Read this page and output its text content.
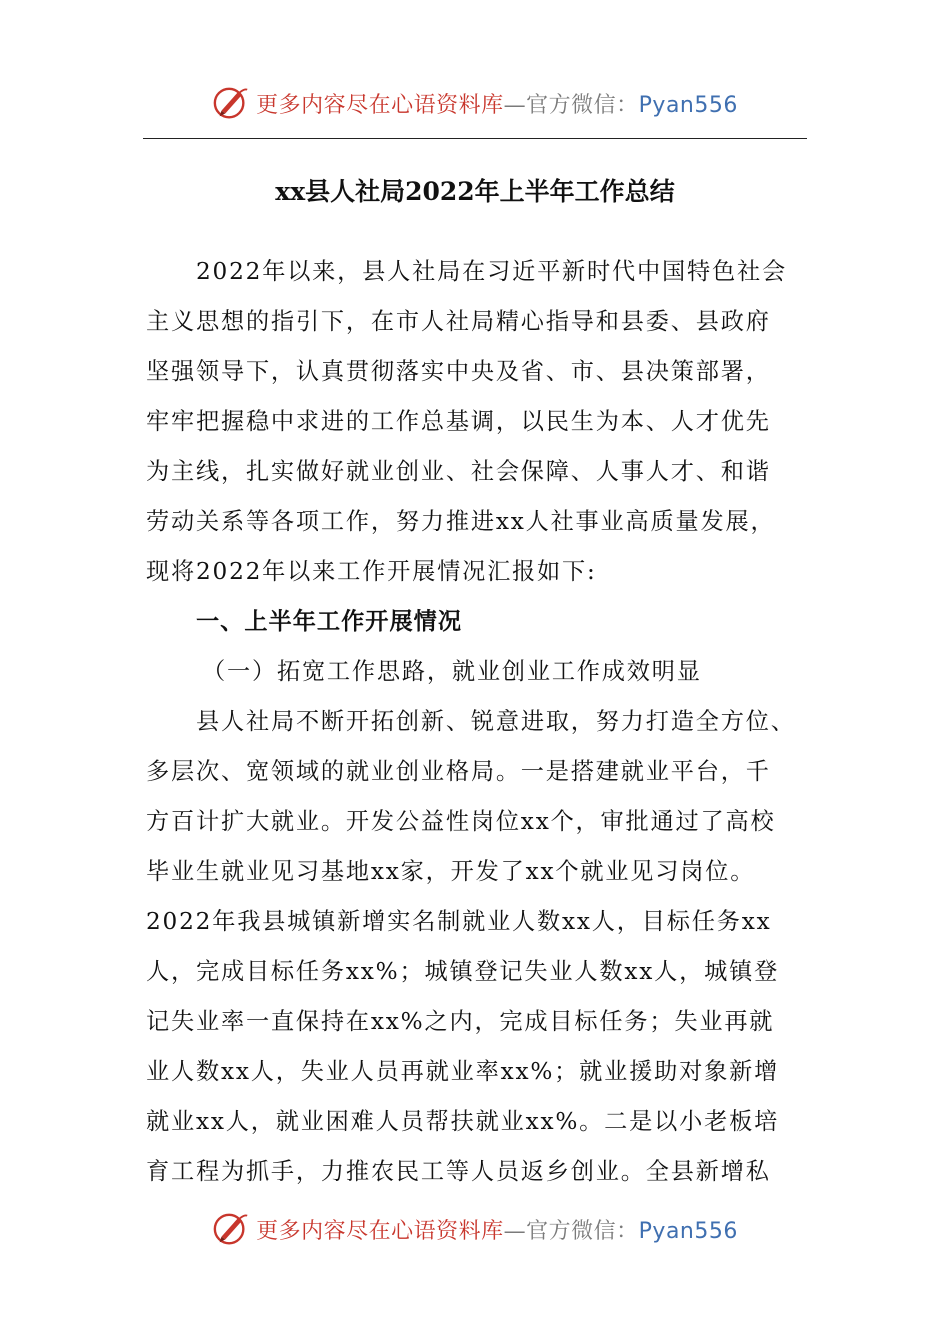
更多内容尽在心语资料库—官方微信：Pyan556
xx县人社局2022年上半年工作总结

2022年以来，县人社局在习近平新时代中国特色社会
主义思想的指引下，在市人社局精心指导和县委、县政府
坚强领导下，认真贯彻落实中央及省、市、县决策部署，
牢牢把握稳中求进的工作总基调，以民生为本、人才优先
为主线，扎实做好就业创业、社会保障、人事人才、和谐
劳动关系等各项工作，努力推进xx人社事业高质量发展，
现将2022年以来工作开展情况汇报如下:

一、上半年工作开展情况

（一）拓宽工作思路，就业创业工作成效明显

县人社局不断开拓创新、锐意进取，努力打造全方位、
多层次、宽领域的就业创业格局。一是搭建就业平台，千
方百计扩大就业。开发公益性岗位xx个，审批通过了高校
毕业生就业见习基地xx家，开发了xx个就业见习岗位。
2022年我县城镇新增实名制就业人数xx人，目标任务xx
人，完成目标任务xx%；城镇登记失业人数xx人，城镇登
记失业率一直保持在xx%之内，完成目标任务；失业再就
业人数xx人，失业人员再就业率xx%；就业援助对象新增
就业xx人，就业困难人员帮扶就业xx%。二是以小老板培
育工程为抓手，力推农民工等人员返乡创业。全县新增私

更多内容尽在心语资料库—官方微信：Pyan556
